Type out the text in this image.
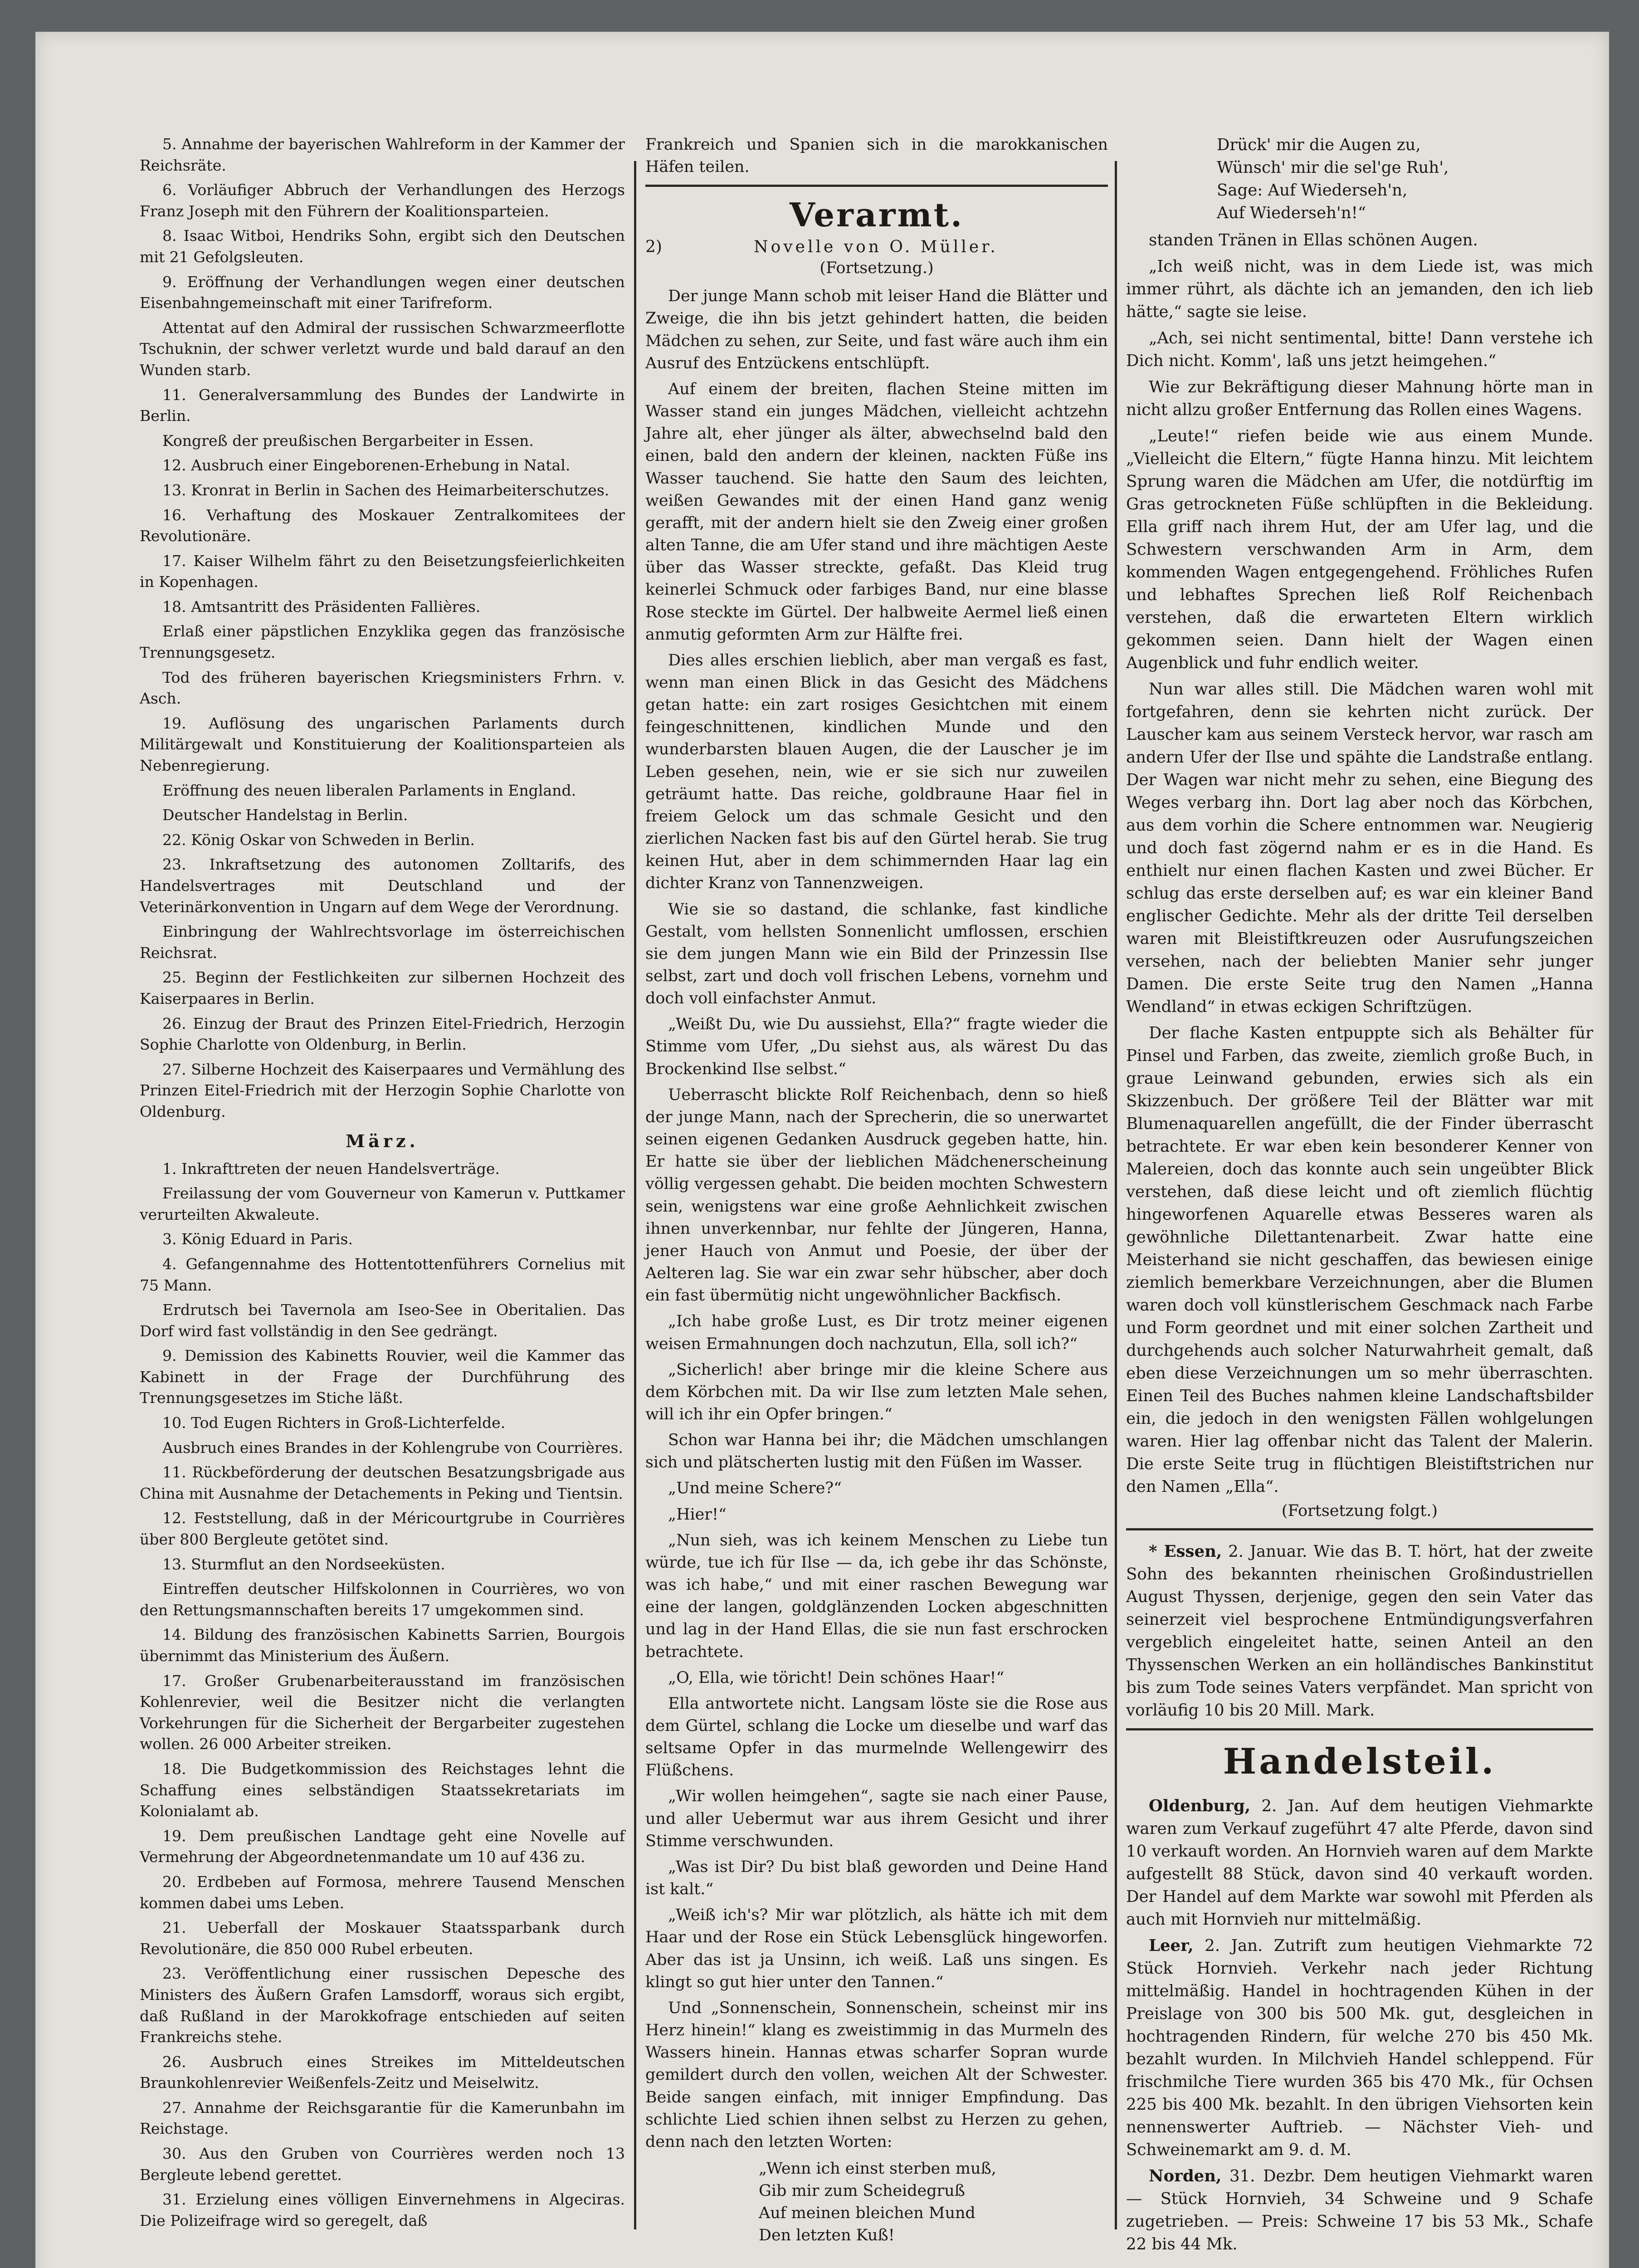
5. Annahme der bayerischen Wahlreform in der Kammer der Reichsräte.

6. Vorläufiger Abbruch der Verhandlungen des Herzogs Franz Joseph mit den Führern der Koalitionsparteien.

8. Isaac Witboi, Hendriks Sohn, ergibt sich den Deutschen mit 21 Gefolgsleuten.

9. Eröffnung der Verhandlungen wegen einer deutschen Eisenbahngemeinschaft mit einer Tarifreform.

Attentat auf den Admiral der russischen Schwarzmeerflotte Tschuknin, der schwer verletzt wurde und bald darauf an den Wunden starb.

11. Generalversammlung des Bundes der Landwirte in Berlin.

Kongreß der preußischen Bergarbeiter in Essen.

12. Ausbruch einer Eingeborenen-Erhebung in Natal.

13. Kronrat in Berlin in Sachen des Heimarbeiterschutzes.

16. Verhaftung des Moskauer Zentralkomitees der Revolutionäre.

17. Kaiser Wilhelm fährt zu den Beisetzungsfeierlichkeiten in Kopenhagen.

18. Amtsantritt des Präsidenten Fallières.

Erlaß einer päpstlichen Enzyklika gegen das französische Trennungsgesetz.

Tod des früheren bayerischen Kriegsministers Frhrn. v. Asch.

19. Auflösung des ungarischen Parlaments durch Militärgewalt und Konstituierung der Koalitionsparteien als Nebenregierung.

Eröffnung des neuen liberalen Parlaments in England.

Deutscher Handelstag in Berlin.

22. König Oskar von Schweden in Berlin.

23. Inkraftsetzung des autonomen Zolltarifs, des Handelsvertrages mit Deutschland und der Veterinärkonvention in Ungarn auf dem Wege der Verordnung.

Einbringung der Wahlrechtsvorlage im österreichischen Reichsrat.

25. Beginn der Festlichkeiten zur silbernen Hochzeit des Kaiserpaares in Berlin.

26. Einzug der Braut des Prinzen Eitel-Friedrich, Herzogin Sophie Charlotte von Oldenburg, in Berlin.

27. Silberne Hochzeit des Kaiserpaares und Vermählung des Prinzen Eitel-Friedrich mit der Herzogin Sophie Charlotte von Oldenburg.

März.

1. Inkrafttreten der neuen Handelsverträge.

Freilassung der vom Gouverneur von Kamerun v. Puttkamer verurteilten Akwaleute.

3. König Eduard in Paris.

4. Gefangennahme des Hottentottenführers Cornelius mit 75 Mann.

Erdrutsch bei Tavernola am Iseo-See in Oberitalien. Das Dorf wird fast vollständig in den See gedrängt.

9. Demission des Kabinetts Rouvier, weil die Kammer das Kabinett in der Frage der Durchführung des Trennungsgesetzes im Stiche läßt.

10. Tod Eugen Richters in Groß-Lichterfelde.

Ausbruch eines Brandes in der Kohlengrube von Courrières.

11. Rückbeförderung der deutschen Besatzungsbrigade aus China mit Ausnahme der Detachements in Peking und Tientsin.

12. Feststellung, daß in der Méricourtgrube in Courrières über 800 Bergleute getötet sind.

13. Sturmflut an den Nordseeküsten.

Eintreffen deutscher Hilfskolonnen in Courrières, wo von den Rettungsmannschaften bereits 17 umgekommen sind.

14. Bildung des französischen Kabinetts Sarrien, Bourgois übernimmt das Ministerium des Äußern.

17. Großer Grubenarbeiterausstand im französischen Kohlenrevier, weil die Besitzer nicht die verlangten Vorkehrungen für die Sicherheit der Bergarbeiter zugestehen wollen. 26 000 Arbeiter streiken.

18. Die Budgetkommission des Reichstages lehnt die Schaffung eines selbständigen Staatssekretariats im Kolonialamt ab.

19. Dem preußischen Landtage geht eine Novelle auf Vermehrung der Abgeordnetenmandate um 10 auf 436 zu.

20. Erdbeben auf Formosa, mehrere Tausend Menschen kommen dabei ums Leben.

21. Ueberfall der Moskauer Staatssparbank durch Revolutionäre, die 850 000 Rubel erbeuten.

23. Veröffentlichung einer russischen Depesche des Ministers des Äußern Grafen Lamsdorff, woraus sich ergibt, daß Rußland in der Marokkofrage entschieden auf seiten Frankreichs stehe.

26. Ausbruch eines Streikes im Mitteldeutschen Braunkohlenrevier Weißenfels-Zeitz und Meiselwitz.

27. Annahme der Reichsgarantie für die Kamerunbahn im Reichstage.

30. Aus den Gruben von Courrières werden noch 13 Bergleute lebend gerettet.

31. Erzielung eines völligen Einvernehmens in Algeciras. Die Polizeifrage wird so geregelt, daß

Frankreich und Spanien sich in die marokkanischen Häfen teilen.

Verarmt.
2)	Novelle von O. Müller.
(Fortsetzung.)

Der junge Mann schob mit leiser Hand die Blätter und Zweige, die ihn bis jetzt gehindert hatten, die beiden Mädchen zu sehen, zur Seite, und fast wäre auch ihm ein Ausruf des Entzückens entschlüpft.

Auf einem der breiten, flachen Steine mitten im Wasser stand ein junges Mädchen, vielleicht achtzehn Jahre alt, eher jünger als älter, abwechselnd bald den einen, bald den andern der kleinen, nackten Füße ins Wasser tauchend. Sie hatte den Saum des leichten, weißen Gewandes mit der einen Hand ganz wenig gerafft, mit der andern hielt sie den Zweig einer großen alten Tanne, die am Ufer stand und ihre mächtigen Aeste über das Wasser streckte, gefaßt. Das Kleid trug keinerlei Schmuck oder farbiges Band, nur eine blasse Rose steckte im Gürtel. Der halbweite Aermel ließ einen anmutig geformten Arm zur Hälfte frei.

Dies alles erschien lieblich, aber man vergaß es fast, wenn man einen Blick in das Gesicht des Mädchens getan hatte: ein zart rosiges Gesichtchen mit einem feingeschnittenen, kindlichen Munde und den wunderbarsten blauen Augen, die der Lauscher je im Leben gesehen, nein, wie er sie sich nur zuweilen geträumt hatte. Das reiche, goldbraune Haar fiel in freiem Gelock um das schmale Gesicht und den zierlichen Nacken fast bis auf den Gürtel herab. Sie trug keinen Hut, aber in dem schimmernden Haar lag ein dichter Kranz von Tannenzweigen.

Wie sie so dastand, die schlanke, fast kindliche Gestalt, vom hellsten Sonnenlicht umflossen, erschien sie dem jungen Mann wie ein Bild der Prinzessin Ilse selbst, zart und doch voll frischen Lebens, vornehm und doch voll einfachster Anmut.

„Weißt Du, wie Du aussiehst, Ella?“ fragte wieder die Stimme vom Ufer, „Du siehst aus, als wärest Du das Brockenkind Ilse selbst.“

Ueberrascht blickte Rolf Reichenbach, denn so hieß der junge Mann, nach der Sprecherin, die so unerwartet seinen eigenen Gedanken Ausdruck gegeben hatte, hin. Er hatte sie über der lieblichen Mädchenerscheinung völlig vergessen gehabt. Die beiden mochten Schwestern sein, wenigstens war eine große Aehnlichkeit zwischen ihnen unverkennbar, nur fehlte der Jüngeren, Hanna, jener Hauch von Anmut und Poesie, der über der Aelteren lag. Sie war ein zwar sehr hübscher, aber doch ein fast übermütig nicht ungewöhnlicher Backfisch.

„Ich habe große Lust, es Dir trotz meiner eigenen weisen Ermahnungen doch nachzutun, Ella, soll ich?“

„Sicherlich! aber bringe mir die kleine Schere aus dem Körbchen mit. Da wir Ilse zum letzten Male sehen, will ich ihr ein Opfer bringen.“

Schon war Hanna bei ihr; die Mädchen umschlangen sich und plätscherten lustig mit den Füßen im Wasser.

„Und meine Schere?“

„Hier!“

„Nun sieh, was ich keinem Menschen zu Liebe tun würde, tue ich für Ilse — da, ich gebe ihr das Schönste, was ich habe,“ und mit einer raschen Bewegung war eine der langen, goldglänzenden Locken abgeschnitten und lag in der Hand Ellas, die sie nun fast erschrocken betrachtete.

„O, Ella, wie töricht! Dein schönes Haar!“

Ella antwortete nicht. Langsam löste sie die Rose aus dem Gürtel, schlang die Locke um dieselbe und warf das seltsame Opfer in das murmelnde Wellengewirr des Flüßchens.

„Wir wollen heimgehen“, sagte sie nach einer Pause, und aller Uebermut war aus ihrem Gesicht und ihrer Stimme verschwunden.

„Was ist Dir? Du bist blaß geworden und Deine Hand ist kalt.“

„Weiß ich's? Mir war plötzlich, als hätte ich mit dem Haar und der Rose ein Stück Lebensglück hingeworfen. Aber das ist ja Unsinn, ich weiß. Laß uns singen. Es klingt so gut hier unter den Tannen.“

Und „Sonnenschein, Sonnenschein, scheinst mir ins Herz hinein!“ klang es zweistimmig in das Murmeln des Wassers hinein. Hannas etwas scharfer Sopran wurde gemildert durch den vollen, weichen Alt der Schwester. Beide sangen einfach, mit inniger Empfindung. Das schlichte Lied schien ihnen selbst zu Herzen zu gehen, denn nach den letzten Worten:

„Wenn ich einst sterben muß,
Gib mir zum Scheidegruß
Auf meinen bleichen Mund
Den letzten Kuß!
Drück' mir die Augen zu,
Wünsch' mir die sel'ge Ruh',
Sage: Auf Wiederseh'n,
Auf Wiederseh'n!“

standen Tränen in Ellas schönen Augen.

„Ich weiß nicht, was in dem Liede ist, was mich immer rührt, als dächte ich an jemanden, den ich lieb hätte,“ sagte sie leise.

„Ach, sei nicht sentimental, bitte! Dann verstehe ich Dich nicht. Komm', laß uns jetzt heimgehen.“

Wie zur Bekräftigung dieser Mahnung hörte man in nicht allzu großer Entfernung das Rollen eines Wagens.

„Leute!“ riefen beide wie aus einem Munde. „Vielleicht die Eltern,“ fügte Hanna hinzu. Mit leichtem Sprung waren die Mädchen am Ufer, die notdürftig im Gras getrockneten Füße schlüpften in die Bekleidung. Ella griff nach ihrem Hut, der am Ufer lag, und die Schwestern verschwanden Arm in Arm, dem kommenden Wagen entgegengehend. Fröhliches Rufen und lebhaftes Sprechen ließ Rolf Reichenbach verstehen, daß die erwarteten Eltern wirklich gekommen seien. Dann hielt der Wagen einen Augenblick und fuhr endlich weiter.

Nun war alles still. Die Mädchen waren wohl mit fortgefahren, denn sie kehrten nicht zurück. Der Lauscher kam aus seinem Versteck hervor, war rasch am andern Ufer der Ilse und spähte die Landstraße entlang. Der Wagen war nicht mehr zu sehen, eine Biegung des Weges verbarg ihn. Dort lag aber noch das Körbchen, aus dem vorhin die Schere entnommen war. Neugierig und doch fast zögernd nahm er es in die Hand. Es enthielt nur einen flachen Kasten und zwei Bücher. Er schlug das erste derselben auf; es war ein kleiner Band englischer Gedichte. Mehr als der dritte Teil derselben waren mit Bleistiftkreuzen oder Ausrufungszeichen versehen, nach der beliebten Manier sehr junger Damen. Die erste Seite trug den Namen „Hanna Wendland“ in etwas eckigen Schriftzügen.

Der flache Kasten entpuppte sich als Behälter für Pinsel und Farben, das zweite, ziemlich große Buch, in graue Leinwand gebunden, erwies sich als ein Skizzenbuch. Der größere Teil der Blätter war mit Blumenaquarellen angefüllt, die der Finder überrascht betrachtete. Er war eben kein besonderer Kenner von Malereien, doch das konnte auch sein ungeübter Blick verstehen, daß diese leicht und oft ziemlich flüchtig hingeworfenen Aquarelle etwas Besseres waren als gewöhnliche Dilettantenarbeit. Zwar hatte eine Meisterhand sie nicht geschaffen, das bewiesen einige ziemlich bemerkbare Verzeichnungen, aber die Blumen waren doch voll künstlerischem Geschmack nach Farbe und Form geordnet und mit einer solchen Zartheit und durchgehends auch solcher Naturwahrheit gemalt, daß eben diese Verzeichnungen um so mehr überraschten. Einen Teil des Buches nahmen kleine Landschaftsbilder ein, die jedoch in den wenigsten Fällen wohlgelungen waren. Hier lag offenbar nicht das Talent der Malerin. Die erste Seite trug in flüchtigen Bleistiftstrichen nur den Namen „Ella“.

(Fortsetzung folgt.)

* Essen, 2. Januar. Wie das B. T. hört, hat der zweite Sohn des bekannten rheinischen Großindustriellen August Thyssen, derjenige, gegen den sein Vater das seinerzeit viel besprochene Entmündigungsverfahren vergeblich eingeleitet hatte, seinen Anteil an den Thyssenschen Werken an ein holländisches Bankinstitut bis zum Tode seines Vaters verpfändet. Man spricht von vorläufig 10 bis 20 Mill. Mark.

Handelsteil.

Oldenburg, 2. Jan. Auf dem heutigen Viehmarkte waren zum Verkauf zugeführt 47 alte Pferde, davon sind 10 verkauft worden. An Hornvieh waren auf dem Markte aufgestellt 88 Stück, davon sind 40 verkauft worden. Der Handel auf dem Markte war sowohl mit Pferden als auch mit Hornvieh nur mittelmäßig.

Leer, 2. Jan. Zutrift zum heutigen Viehmarkte 72 Stück Hornvieh. Verkehr nach jeder Richtung mittelmäßig. Handel in hochtragenden Kühen in der Preislage von 300 bis 500 Mk. gut, desgleichen in hochtragenden Rindern, für welche 270 bis 450 Mk. bezahlt wurden. In Milchvieh Handel schleppend. Für frischmilche Tiere wurden 365 bis 470 Mk., für Ochsen 225 bis 400 Mk. bezahlt. In den übrigen Viehsorten kein nennenswerter Auftrieb. — Nächster Vieh- und Schweinemarkt am 9. d. M.

Norden, 31. Dezbr. Dem heutigen Viehmarkt waren — Stück Hornvieh, 34 Schweine und 9 Schafe zugetrieben. — Preis: Schweine 17 bis 53 Mk., Schafe 22 bis 44 Mk.
